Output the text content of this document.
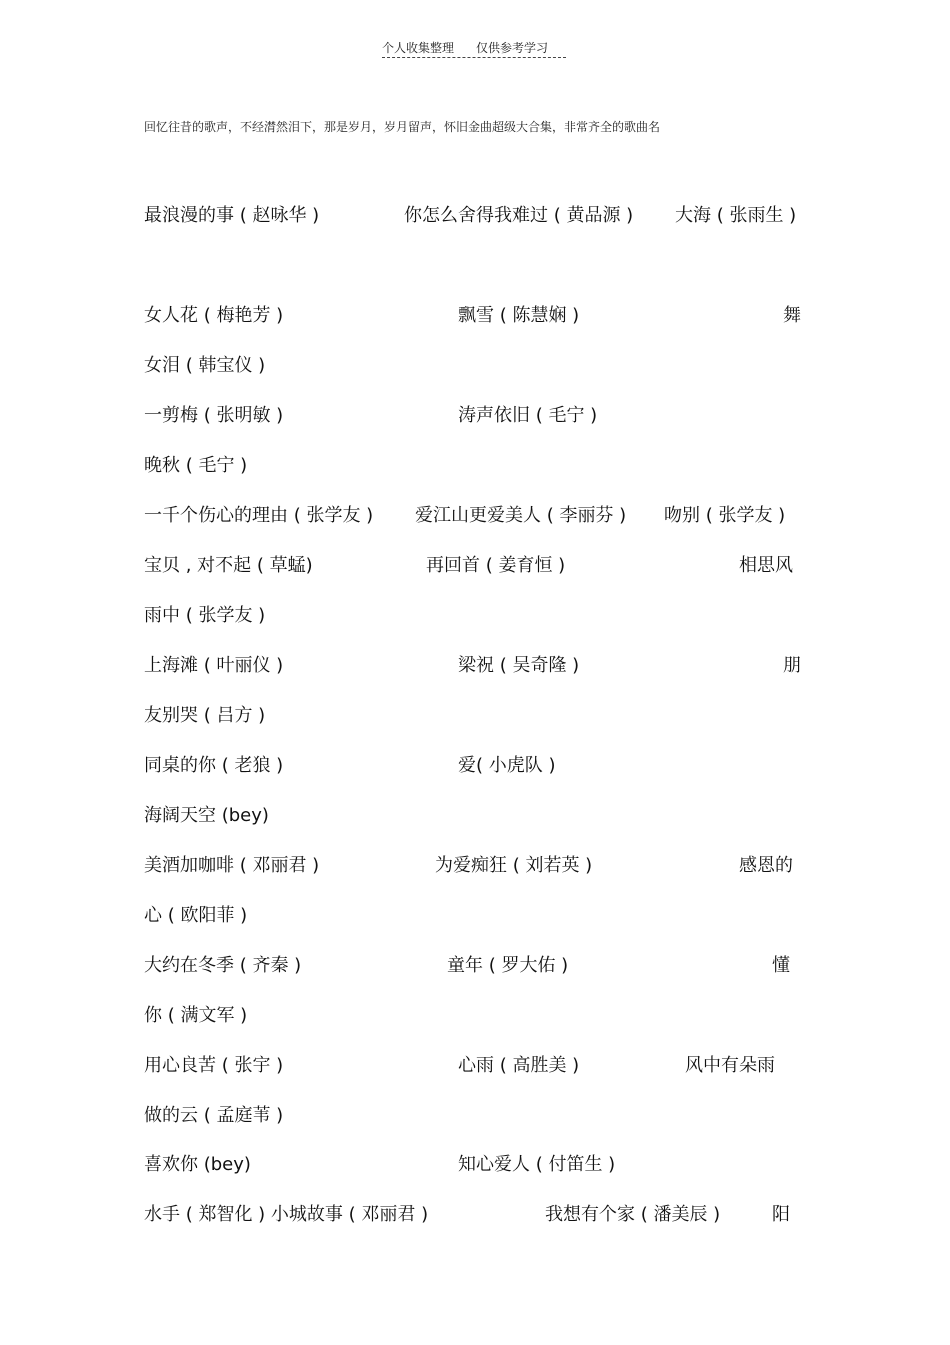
个人收集整理 仅供参考学习
回忆往昔的歌声，不经潸然泪下，那是岁月，岁月留声，怀旧金曲超级大合集，非常齐全的歌曲名
最浪漫的事 ( 赵咏华 )	你怎么舍得我难过 ( 黄品源 ) 大海 ( 张雨生 )
女人花 ( 梅艳芳 )	飘雪 ( 陈慧娴 )	舞
女泪 ( 韩宝仪 )
一剪梅 ( 张明敏 )	涛声依旧 ( 毛宁 )
晚秋 ( 毛宁 )
一千个伤心的理由 ( 张学友 ) 爱江山更爱美人 ( 李丽芬 ) 吻别 ( 张学友 )
宝贝 , 对不起 ( 草蜢)	再回首 ( 姜育恒 )	相思风
雨中 ( 张学友 )
上海滩 ( 叶丽仪 )	梁祝 ( 吴奇隆 )	朋
友别哭 ( 吕方 )
同桌的你 ( 老狼 )	爱( 小虎队 )
海阔天空 (bey)
美酒加咖啡 ( 邓丽君 )	为爱痴狂 ( 刘若英 )	感恩的
心 ( 欧阳菲 )
大约在冬季 ( 齐秦 )	童年 ( 罗大佑 )	懂
你 ( 满文军 )
用心良苦 ( 张宇 )	心雨 ( 高胜美 )	风中有朵雨
做的云 ( 孟庭苇 )
喜欢你 (bey)	知心爱人 ( 付笛生 )
水手 ( 郑智化 ) 小城故事 ( 邓丽君 )	我想有个家 ( 潘美辰 )	阳
